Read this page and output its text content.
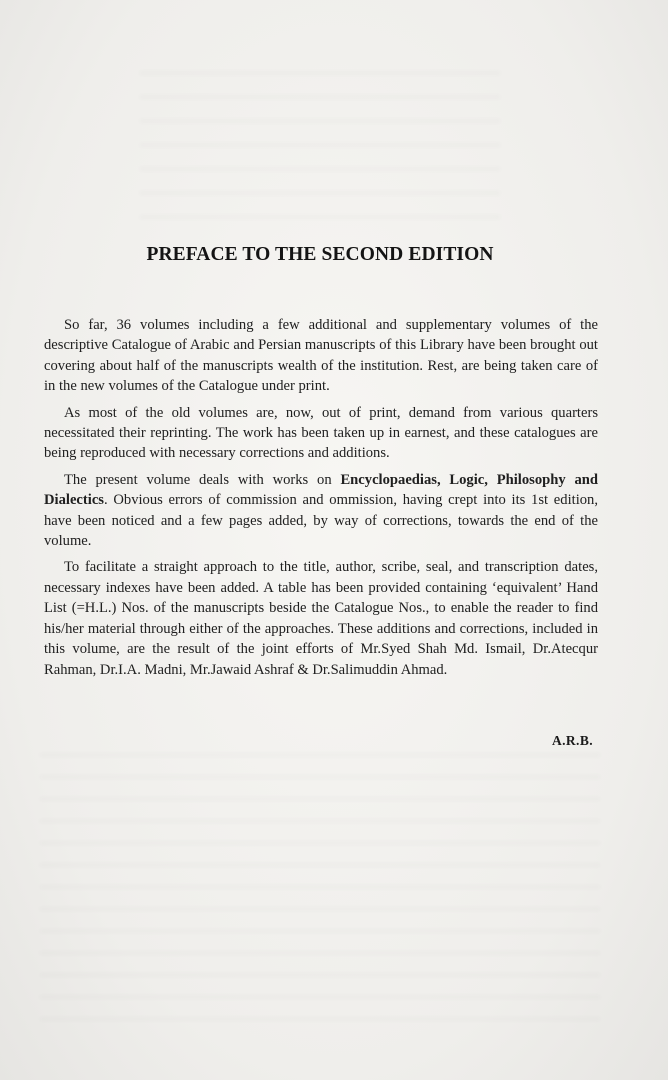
PREFACE TO THE SECOND EDITION

So far, 36 volumes including a few additional and supplementary volumes of the descriptive Catalogue of Arabic and Persian manuscripts of this Library have been brought out covering about half of the manuscripts wealth of the institution. Rest, are being taken care of in the new volumes of the Catalogue under print.

As most of the old volumes are, now, out of print, demand from various quarters necessitated their reprinting. The work has been taken up in earnest, and these catalogues are being reproduced with necessary corrections and additions.

The present volume deals with works on Encyclopaedias, Logic, Philosophy and Dialectics. Obvious errors of commission and ommission, having crept into its 1st edition, have been noticed and a few pages added, by way of corrections, towards the end of the volume.

To facilitate a straight approach to the title, author, scribe, seal, and transcription dates, necessary indexes have been added. A table has been provided containing ‘equivalent’ Hand List (=H.L.) Nos. of the manuscripts beside the Catalogue Nos., to enable the reader to find his/her material through either of the approaches. These additions and corrections, included in this volume, are the result of the joint efforts of Mr.Syed Shah Md. Ismail, Dr.Atecqur Rahman, Dr.I.A. Madni, Mr.Jawaid Ashraf & Dr.Salimuddin Ahmad.

A.R.B.
